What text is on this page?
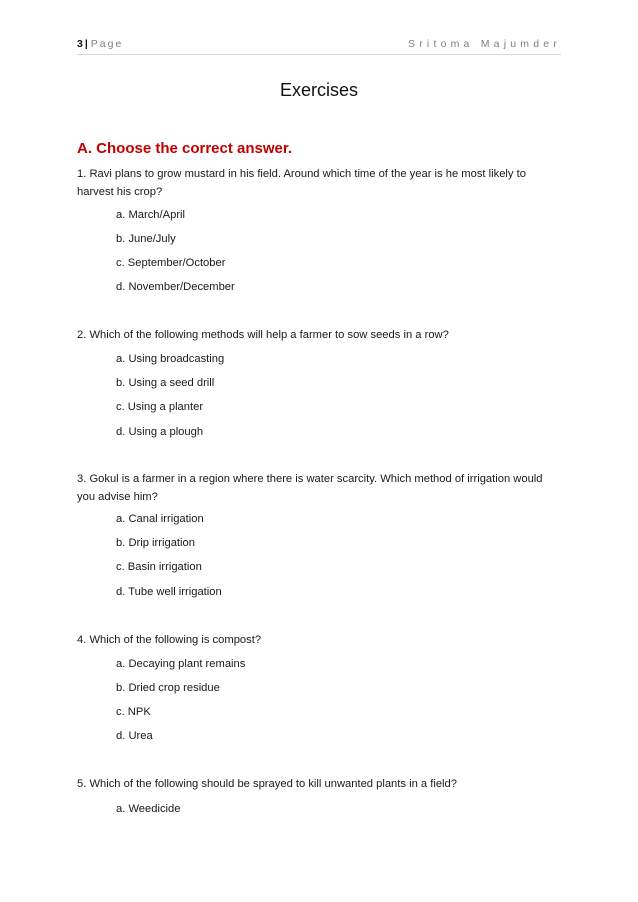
3 | Page	Sritoma Majumder
Exercises
A. Choose the correct answer.
1. Ravi plans to grow mustard in his field. Around which time of the year is he most likely to harvest his crop?
a. March/April
b. June/July
c. September/October
d. November/December
2. Which of the following methods will help a farmer to sow seeds in a row?
a. Using broadcasting
b. Using a seed drill
c. Using a planter
d. Using a plough
3. Gokul is a farmer in a region where there is water scarcity. Which method of irrigation would you advise him?
a. Canal irrigation
b. Drip irrigation
c. Basin irrigation
d. Tube well irrigation
4. Which of the following is compost?
a. Decaying plant remains
b. Dried crop residue
c. NPK
d. Urea
5. Which of the following should be sprayed to kill unwanted plants in a field?
a. Weedicide
